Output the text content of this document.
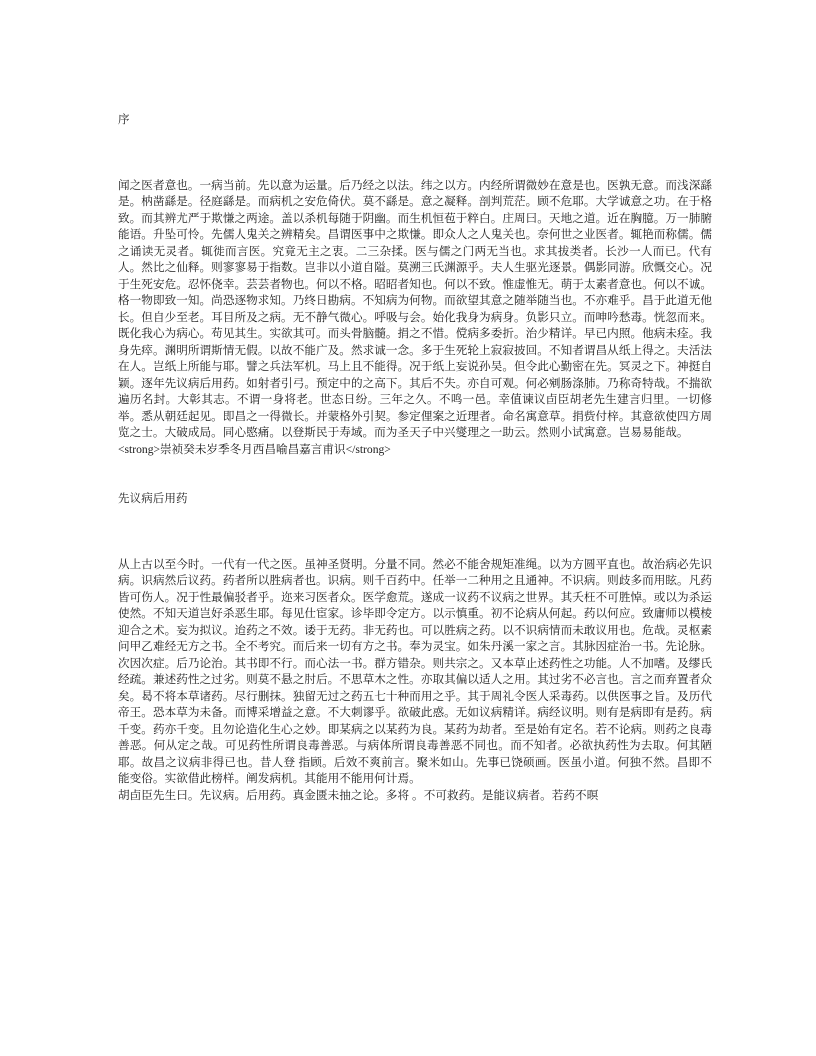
序

闻之医者意也。一病当前。先以意为运量。后乃经之以法。纬之以方。内经所谓微妙在意是也。医孰无意。而浅深繇是。枘凿繇是。径庭繇是。而病机之安危倚伏。莫不繇是。意之凝释。剖判荒茫。顾不危耶。大学诚意之功。在于格致。而其辨尤严于欺慊之两途。盖以杀机每随于阴幽。而生机恒苞于粹白。庄周曰。天地之道。近在胸臆。万一肺腑能语。升坠可怜。先儒人鬼关之辨精矣。昌谓医事中之欺慊。即众人之人鬼关也。奈何世之业医者。辄艳而称儒。儒之诵读无灵者。辄徙而言医。究竟无主之衷。二三杂揉。医与儒之门两无当也。求其拔类者。长沙一人而已。代有人。然比之仙释。则寥寥易于指数。岂非以小道自隘。莫溯三氏渊源乎。夫人生驱光逐景。偶影同游。欣慨交心。况于生死安危。忍怀侥幸。芸芸者物也。何以不格。昭昭者知也。何以不致。惟虚惟无。萌于太素者意也。何以不诚。格一物即致一知。尚恐逐物求知。乃终日勘病。不知病为何物。而欲望其意之随举随当也。不亦难乎。昌于此道无他长。但自少至老。耳目所及之病。无不静气微心。呼吸与会。始化我身为病身。负影只立。而呻吟愁毒。恍忽而来。既化我心为病心。苟见其生。实欲其可。而头骨脑髓。捐之不惜。傥病多委折。治少精详。早已内照。他病未痊。我身先瘁。渊明所谓斯情无假。以故不能广及。然求诚一念。多于生死轮上寂寂披回。不知者谓昌从纸上得之。夫活法在人。岂纸上所能与耶。譬之兵法军机。马上且不能得。况于纸上妄说孙吴。但令此心勤密在先。冥灵之下。神挺自颖。逐年先议病后用药。如射者引弓。预定中的之高下。其后不失。亦自可观。何必剜肠涤肺。乃称奇特哉。不揣欲遍历名封。大彰其志。不谓一身将老。世态日纷。三年之久。不鸣一邑。幸值谏议卣臣胡老先生建言归里。一切修举。悉从朝廷起见。即昌之一得微长。并蒙格外引契。参定俚案之近理者。命名寓意草。捐赀付梓。其意欲使四方周览之士。大破成局。同心愍痛。以登斯民于寿域。而为圣天子中兴燮理之一助云。然则小试寓意。岂易易能哉。

<strong>崇祯癸未岁季冬月西昌喻昌嘉言甫识</strong>

先议病后用药

从上古以至今时。一代有一代之医。虽神圣贤明。分量不同。然必不能舍规矩准绳。以为方圆平直也。故治病必先识病。识病然后议药。药者所以胜病者也。识病。则千百药中。任举一二种用之且通神。不识病。则歧多而用眩。凡药皆可伤人。况于性最偏驳者乎。迩来习医者众。医学愈荒。遂成一议药不议病之世界。其夭枉不可胜悼。或以为杀运使然。不知天道岂好杀恶生耶。每见仕宦家。诊毕即令定方。以示慎重。初不论病从何起。药以何应。致庸师以模棱迎合之术。妄为拟议。迨药之不效。诿于无药。非无药也。可以胜病之药。以不识病情而未敢议用也。危哉。灵枢素问甲乙难经无方之书。全不考究。而后来一切有方之书。奉为灵宝。如朱丹溪一家之言。其脉因症治一书。先论脉。次因次症。后乃论治。其书即不行。而心法一书。群方错杂。则共宗之。又本草止述药性之功能。人不加嗜。及缪氏经疏。兼述药性之过劣。则莫不悬之肘后。不思草木之性。亦取其偏以适人之用。其过劣不必言也。言之而弃置者众矣。曷不将本草诸药。尽行删抹。独留无过之药五七十种而用之乎。其于周礼令医人采毒药。以供医事之旨。及历代帝王。恐本草为未备。而博采增益之意。不大刺谬乎。欲破此惑。无如议病精详。病经议明。则有是病即有是药。病千变。药亦千变。且勿论造化生心之妙。即某病之以某药为良。某药为劫者。至是始有定名。若不论病。则药之良毒善恶。何从定之哉。可见药性所谓良毒善恶。与病体所谓良毒善恶不同也。而不知者。必欲执药性为去取。何其陋耶。故昌之议病非得已也。昔人登 指顾。后效不爽前言。聚米如山。先事已饶硕画。医虽小道。何独不然。昌即不能变俗。实欲借此榜样。阐发病机。其能用不能用何计焉。

胡卣臣先生曰。先议病。后用药。真金匮未抽之论。多将 。不可救药。是能议病者。若药不暝
